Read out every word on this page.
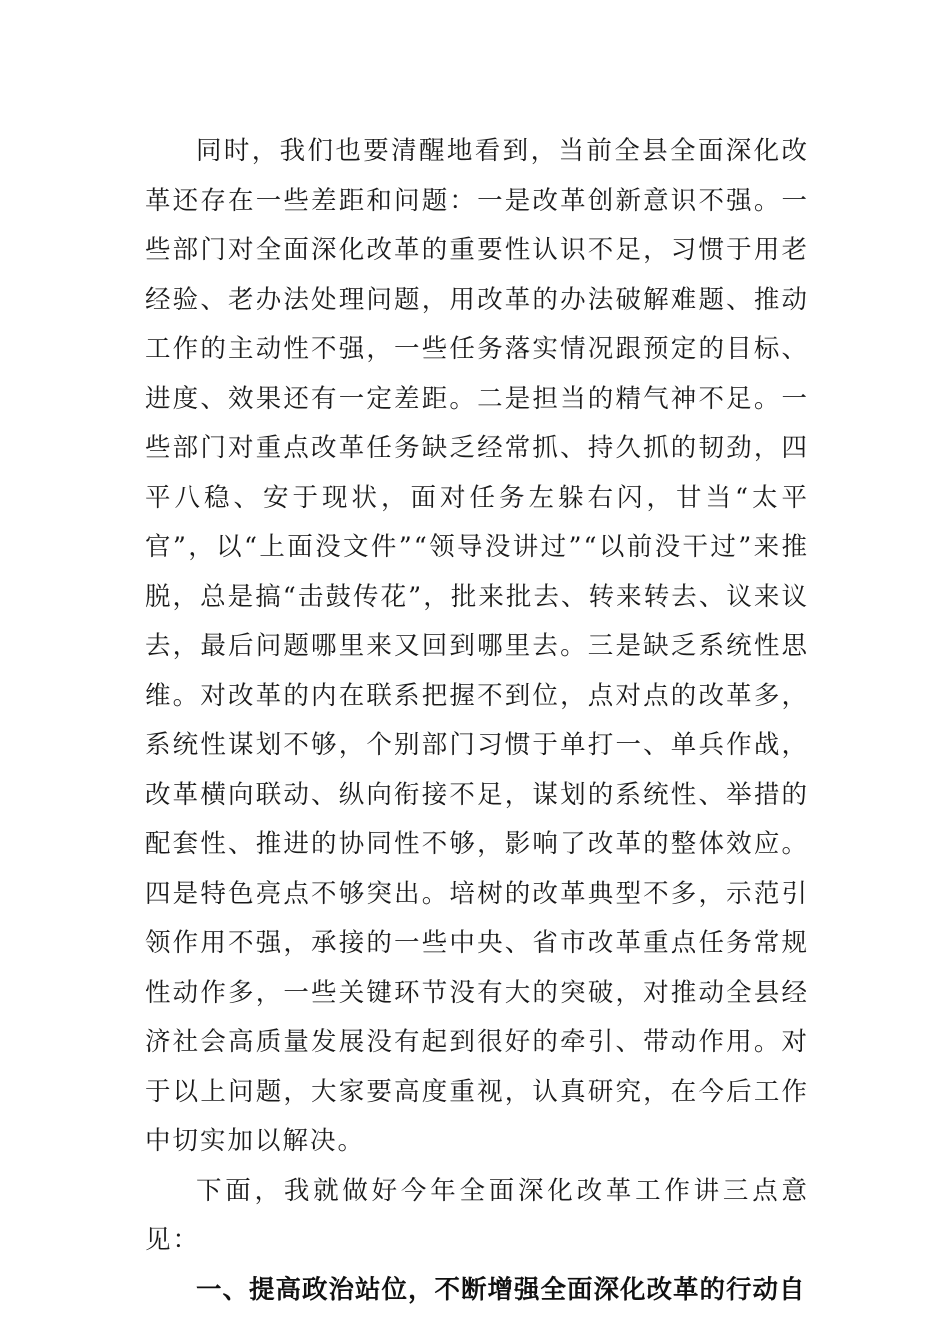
同时，我们也要清醒地看到，当前全县全面深化改革还存在一些差距和问题：一是改革创新意识不强。一些部门对全面深化改革的重要性认识不足，习惯于用老经验、老办法处理问题，用改革的办法破解难题、推动工作的主动性不强，一些任务落实情况跟预定的目标、进度、效果还有一定差距。二是担当的精气神不足。一些部门对重点改革任务缺乏经常抓、持久抓的韧劲，四平八稳、安于现状，面对任务左躲右闪，甘当“太平官”，以“上面没文件”“领导没讲过”“以前没干过”来推脱，总是搞“击鼓传花”，批来批去、转来转去、议来议去，最后问题哪里来又回到哪里去。三是缺乏系统性思维。对改革的内在联系把握不到位，点对点的改革多，系统性谋划不够，个别部门习惯于单打一、单兵作战，改革横向联动、纵向衔接不足，谋划的系统性、举措的配套性、推进的协同性不够，影响了改革的整体效应。四是特色亮点不够突出。培树的改革典型不多，示范引领作用不强，承接的一些中央、省市改革重点任务常规性动作多，一些关键环节没有大的突破，对推动全县经济社会高质量发展没有起到很好的牵引、带动作用。对于以上问题，大家要高度重视，认真研究，在今后工作中切实加以解决。

下面，我就做好今年全面深化改革工作讲三点意见：

一、提高政治站位，不断增强全面深化改革的行动自
